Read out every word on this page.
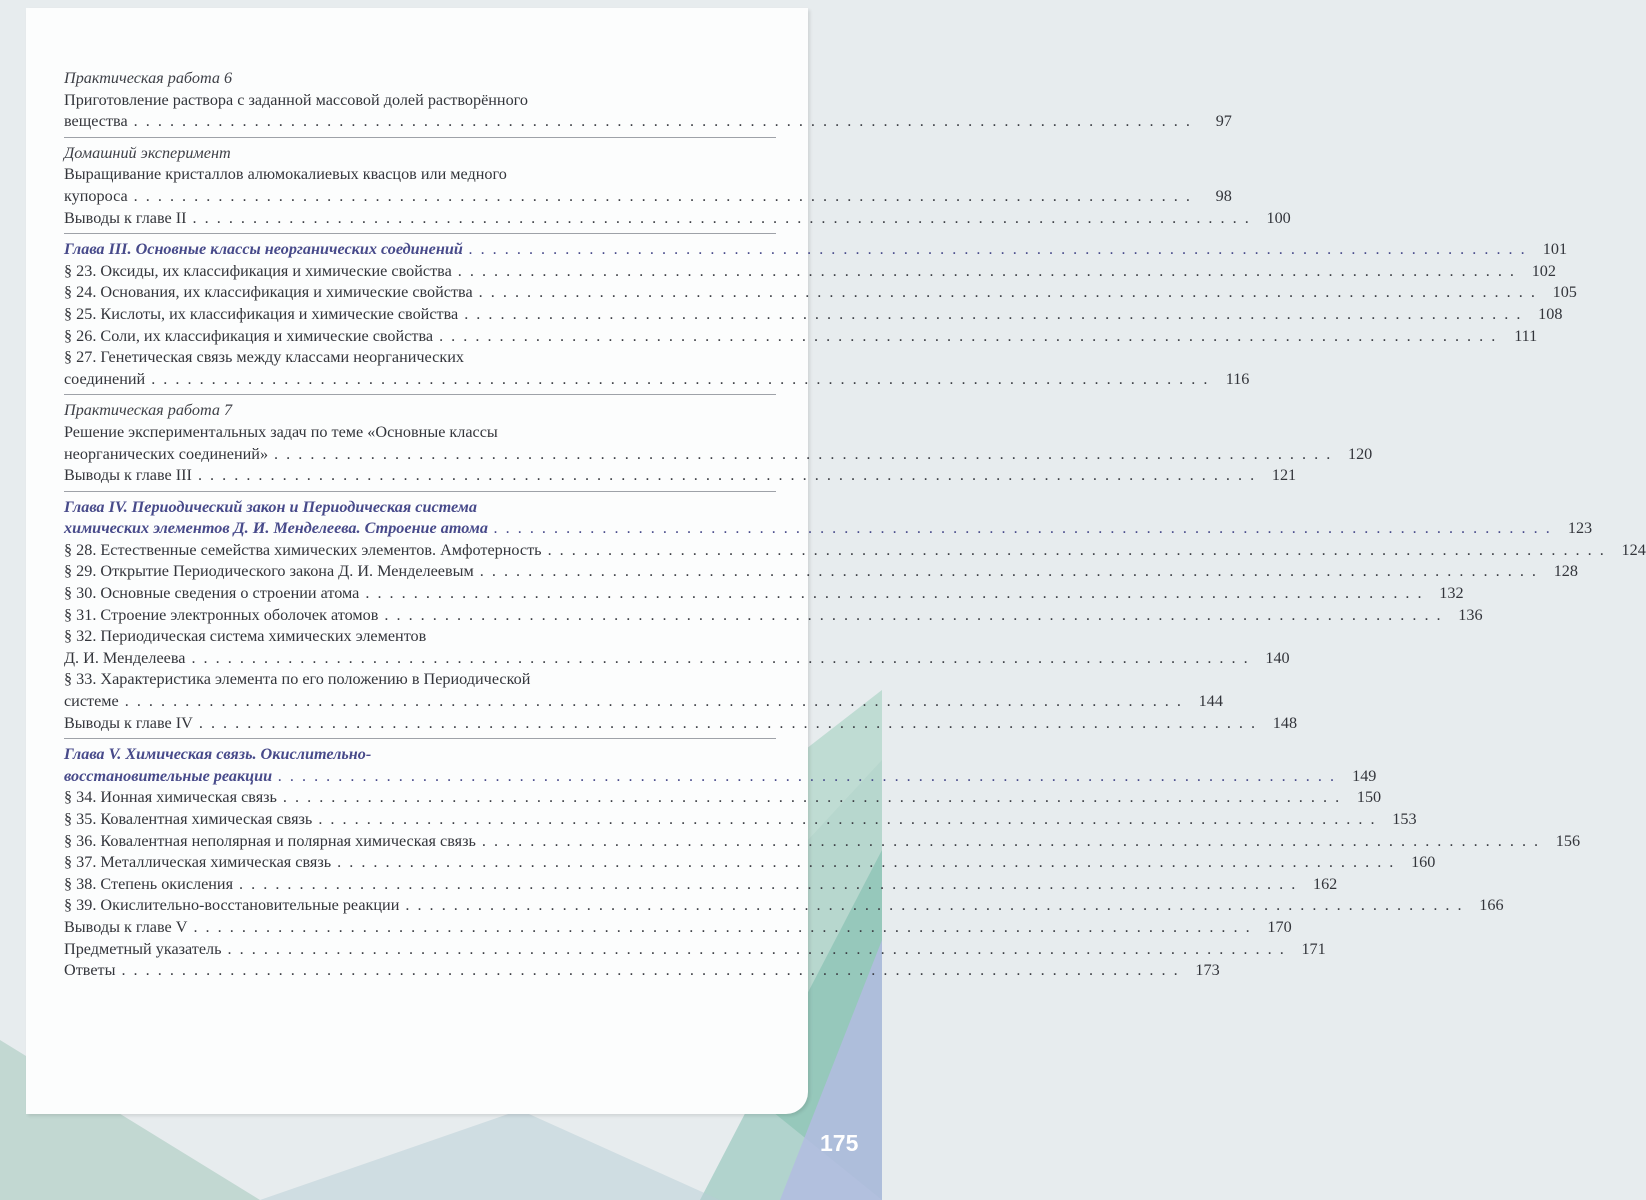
Практическая работа 6
Приготовление раствора с заданной массовой долей растворённого
вещества . . . . . . . . . . . . . . . . . . . . . . . . . . . . . . . . . . . . . . . . . . . . . . . . . . . . . . . . . . . . . . . . . . . . . . . . . . . . . . . . . . . . . . . .	97
Домашний эксперимент
Выращивание кристаллов алюмокалиевых квасцов или медного
купороса . . . . . . . . . . . . . . . . . . . . . . . . . . . . . . . . . . . . . . . . . . . . . . . . . . . . . . . . . . . . . . . . . . . . . . . . . . . . . . . . . . . . . . . .	98
Выводы к главе II . . . . . . . . . . . . . . . . . . . . . . . . . . . . . . . . . . . . . . . . . . . . . . . . . . . . . . . . . . . . . . . . . . . . . . . . . . . . . . . . . . . . . . . . 100
Глава III. Основные классы неорганических соединений . . . . . . . . . . . . . . . . . . . . . . . . . . . . . . . . . . . . . . . . . . . . . . . . . . . . . . . . . . . . . . . . . . . . . . . . . . . . . . . . . . . . . . . . 101
§ 23. Оксиды, их классификация и химические свойства . . . . . . . . . . . . . . . . . . . . . . . . . . . . . . . . . . . . . . . . . . . . . . . . . . . . . . . . . . . . . . . . . . . . . . . . . . . . . . . . . . . . . . . . 102
§ 24. Основания, их классификация и химические свойства . . . . . . . . . . . . . . . . . . . . . . . . . . . . . . . . . . . . . . . . . . . . . . . . . . . . . . . . . . . . . . . . . . . . . . . . . . . . . . . . . . . . . . . . 105
§ 25. Кислоты, их классификация и химические свойства . . . . . . . . . . . . . . . . . . . . . . . . . . . . . . . . . . . . . . . . . . . . . . . . . . . . . . . . . . . . . . . . . . . . . . . . . . . . . . . . . . . . . . . . 108
§ 26. Соли, их классификация и химические свойства . . . . . . . . . . . . . . . . . . . . . . . . . . . . . . . . . . . . . . . . . . . . . . . . . . . . . . . . . . . . . . . . . . . . . . . . . . . . . . . . . . . . . . . .	111
§ 27. Генетическая связь между классами неорганических
соединений . . . . . . . . . . . . . . . . . . . . . . . . . . . . . . . . . . . . . . . . . . . . . . . . . . . . . . . . . . . . . . . . . . . . . . . . . . . . . . . . . . . . . . . .	116
Практическая работа 7
Решение экспериментальных задач по теме «Основные классы
неорганических соединений» . . . . . . . . . . . . . . . . . . . . . . . . . . . . . . . . . . . . . . . . . . . . . . . . . . . . . . . . . . . . . . . . . . . . . . . . . . . . . . . . . . . . . . . . 120
Выводы к главе III . . . . . . . . . . . . . . . . . . . . . . . . . . . . . . . . . . . . . . . . . . . . . . . . . . . . . . . . . . . . . . . . . . . . . . . . . . . . . . . . . . . . . . . . 121
Глава IV. Периодический закон и Периодическая система
химических элементов Д. И. Менделеева. Строение атома . . . . . . . . . . . . . . . . . . . . . . . . . . . . . . . . . . . . . . . . . . . . . . . . . . . . . . . . . . . . . . . . . . . . . . . . . . . . . . . . . . . . . . . . 123
§ 28. Естественные семейства химических элементов. Амфотерность . . . . . . . . . . . . . . . . . . . . . . . . . . . . . . . . . . . . . . . . . . . . . . . . . . . . . . . . . . . . . . . . . . . . . . . . . . . . . . . . . . . . . . . . 124
§ 29. Открытие Периодического закона Д. И. Менделеевым . . . . . . . . . . . . . . . . . . . . . . . . . . . . . . . . . . . . . . . . . . . . . . . . . . . . . . . . . . . . . . . . . . . . . . . . . . . . . . . . . . . . . . . . 128
§ 30. Основные сведения о строении атома . . . . . . . . . . . . . . . . . . . . . . . . . . . . . . . . . . . . . . . . . . . . . . . . . . . . . . . . . . . . . . . . . . . . . . . . . . . . . . . . . . . . . . . . 132
§ 31. Строение электронных оболочек атомов . . . . . . . . . . . . . . . . . . . . . . . . . . . . . . . . . . . . . . . . . . . . . . . . . . . . . . . . . . . . . . . . . . . . . . . . . . . . . . . . . . . . . . . . 136
§ 32. Периодическая система химических элементов
Д. И. Менделеева . . . . . . . . . . . . . . . . . . . . . . . . . . . . . . . . . . . . . . . . . . . . . . . . . . . . . . . . . . . . . . . . . . . . . . . . . . . . . . . . . . . . . . . . 140
§ 33. Характеристика элемента по его положению в Периодической
системе . . . . . . . . . . . . . . . . . . . . . . . . . . . . . . . . . . . . . . . . . . . . . . . . . . . . . . . . . . . . . . . . . . . . . . . . . . . . . . . . . . . . . . . . 144
Выводы к главе IV . . . . . . . . . . . . . . . . . . . . . . . . . . . . . . . . . . . . . . . . . . . . . . . . . . . . . . . . . . . . . . . . . . . . . . . . . . . . . . . . . . . . . . . . 148
Глава V. Химическая связь. Окислительно-
восстановительные реакции . . . . . . . . . . . . . . . . . . . . . . . . . . . . . . . . . . . . . . . . . . . . . . . . . . . . . . . . . . . . . . . . . . . . . . . . . . . . . . . . . . . . . . . . 149
§ 34. Ионная химическая связь . . . . . . . . . . . . . . . . . . . . . . . . . . . . . . . . . . . . . . . . . . . . . . . . . . . . . . . . . . . . . . . . . . . . . . . . . . . . . . . . . . . . . . . . 150
§ 35. Ковалентная химическая связь . . . . . . . . . . . . . . . . . . . . . . . . . . . . . . . . . . . . . . . . . . . . . . . . . . . . . . . . . . . . . . . . . . . . . . . . . . . . . . . . . . . . . . . . 153
§ 36. Ковалентная неполярная и полярная химическая связь . . . . . . . . . . . . . . . . . . . . . . . . . . . . . . . . . . . . . . . . . . . . . . . . . . . . . . . . . . . . . . . . . . . . . . . . . . . . . . . . . . . . . . . . 156
§ 37. Металлическая химическая связь . . . . . . . . . . . . . . . . . . . . . . . . . . . . . . . . . . . . . . . . . . . . . . . . . . . . . . . . . . . . . . . . . . . . . . . . . . . . . . . . . . . . . . . . 160
§ 38. Степень окисления . . . . . . . . . . . . . . . . . . . . . . . . . . . . . . . . . . . . . . . . . . . . . . . . . . . . . . . . . . . . . . . . . . . . . . . . . . . . . . . . . . . . . . . . 162
§ 39. Окислительно-восстановительные реакции . . . . . . . . . . . . . . . . . . . . . . . . . . . . . . . . . . . . . . . . . . . . . . . . . . . . . . . . . . . . . . . . . . . . . . . . . . . . . . . . . . . . . . . . 166
Выводы к главе V . . . . . . . . . . . . . . . . . . . . . . . . . . . . . . . . . . . . . . . . . . . . . . . . . . . . . . . . . . . . . . . . . . . . . . . . . . . . . . . . . . . . . . . . 170
Предметный указатель . . . . . . . . . . . . . . . . . . . . . . . . . . . . . . . . . . . . . . . . . . . . . . . . . . . . . . . . . . . . . . . . . . . . . . . . . . . . . . . . . . . . . . . . 171
Ответы . . . . . . . . . . . . . . . . . . . . . . . . . . . . . . . . . . . . . . . . . . . . . . . . . . . . . . . . . . . . . . . . . . . . . . . . . . . . . . . . . . . . . . . . 173
175
